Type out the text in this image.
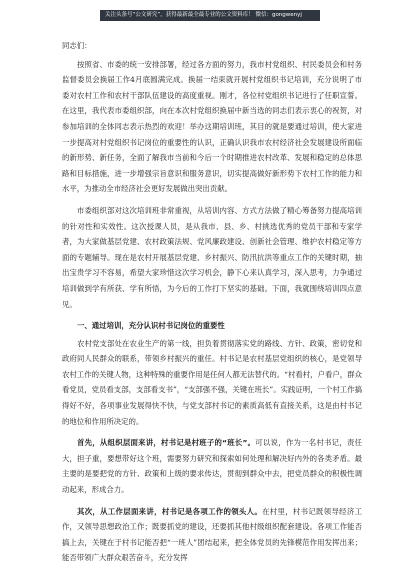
关注头条号“公文研究”，获得最新最全最专业的公文资料库！ 微信：gongwenyj

同志们：

按照省、市委的统一安排部署，经过各方面的努力，我市村党组织、村民委员会和村务监督委员会换届工作4月底圆满完成。换届一结束就开展村党组织书记培训，充分说明了市委对农村工作和农村干部队伍建设的高度重视。刚才，各位村党组织书记进行了任职宣誓。在这里，我代表市委组织部，向在本次村党组织换届中新当选的同志们表示衷心的祝贺，对参加培训的全体同志表示热烈的欢迎！举办这期培训班，其目的就是要通过培训，使大家进一步提高对村党组织书记岗位的重要性的认识，正确认识我市农村经济社会发展建设所面临的新形势、新任务，全面了解我市当前和今后一个时期推进农村改革、发展和稳定的总体思路和目标措施，进一步增强宗旨意识和服务意识，切实提高做好新形势下农村工作的能力和水平，为推动全市经济社会更好发展做出突出贡献。

市委组织部对这次培训班非常重视，从培训内容、方式方法做了精心筹备努力提高培训的针对性和实效性。这次授课人员，是从我市、县、乡、村挑选优秀的党员干部和专家学者，为大家做基层党建、农村政策法规、党风廉政建设、创新社会管理、维护农村稳定等方面的专题辅导。现在是农村开展基层党建、乡村振兴、防汛抗洪等重点工作的关键时期，抽出宝贵学习不容易，希望大家珍惜这次学习机会，静下心来认真学习，深入思考，力争通过培训做到学有所获、学有所悟，为今后的工作打下坚实的基础。下面，我就围绕培训四点意见。

一、通过培训，充分认识村书记岗位的重要性

农村党支部处在农业生产的第一线，担负着贯彻落实党的路线、方针、政策，密切党和政府同人民群众的联系，带领乡村振兴的重任。村书记是农村基层党组织的核心，是党领导农村工作的关键人物，这种特殊的重要作用是任何人都无法替代的。“村看村，户看户，群众看党员，党员看支部，支部看支书”，“支部强不强，关键在班长”。实践证明，一个村工作搞得好不好，各项事业发展得快不快，与党支部村书记的素质高低有直接关系，这是由村书记的地位和作用所决定的。

首先，从组织层面来讲，村书记是村班子的“班长”。可以说，作为一名村书记，责任大，担子重，要想带好这个班，需要努力研究和探索如何处理和解决好内外的各类矛盾。最主要的是要把党的方针、政策和上级的要求传达，贯彻到群众中去，把党员群众的积极性调动起来，形成合力。

其次，从工作层面来讲，村书记是各项工作的领头人。在村里，村书记既领导经济工作，又领导思想政治工作；既要抓党的建设，还要抓其他村级组织配套建设。各项工作能否搞上去，关键在于村书记能否把“一班人”团结起来，把全体党员的先锋模范作用发挥出来；能否带领广大群众艰苦奋斗，充分发挥
